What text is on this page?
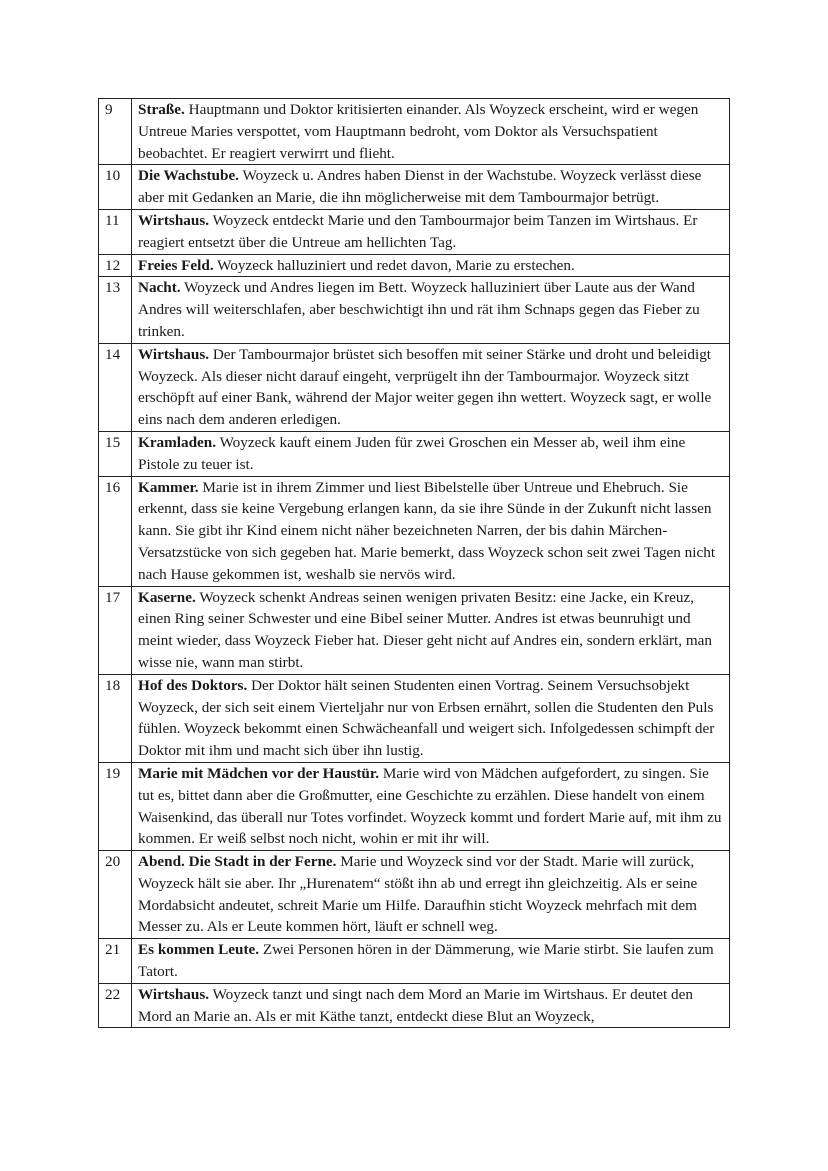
9	Straße. Hauptmann und Doktor kritisierten einander. Als Woyzeck erscheint, wird er wegen Untreue Maries verspottet, vom Hauptmann bedroht, vom Doktor als Versuchspatient beobachtet. Er reagiert verwirrt und flieht.
10	Die Wachstube. Woyzeck u. Andres haben Dienst in der Wachstube. Woyzeck verlässt diese aber mit Gedanken an Marie, die ihn möglicherweise mit dem Tambourmajor betrügt.
11	Wirtshaus. Woyzeck entdeckt Marie und den Tambourmajor beim Tanzen im Wirtshaus. Er reagiert entsetzt über die Untreue am hellichten Tag.
12	Freies Feld. Woyzeck halluziniert und redet davon, Marie zu erstechen.
13	Nacht. Woyzeck und Andres liegen im Bett. Woyzeck halluziniert über Laute aus der Wand Andres will weiterschlafen, aber beschwichtigt ihn und rät ihm Schnaps gegen das Fieber zu trinken.
14	Wirtshaus. Der Tambourmajor brüstet sich besoffen mit seiner Stärke und droht und beleidigt Woyzeck. Als dieser nicht darauf eingeht, verprügelt ihn der Tambourmajor. Woyzeck sitzt erschöpft auf einer Bank, während der Major weiter gegen ihn wettert. Woyzeck sagt, er wolle eins nach dem anderen erledigen.
15	Kramladen. Woyzeck kauft einem Juden für zwei Groschen ein Messer ab, weil ihm eine Pistole zu teuer ist.
16	Kammer. Marie ist in ihrem Zimmer und liest Bibelstelle über Untreue und Ehebruch. Sie erkennt, dass sie keine Vergebung erlangen kann, da sie ihre Sünde in der Zukunft nicht lassen kann. Sie gibt ihr Kind einem nicht näher bezeichneten Narren, der bis dahin Märchen-Versatzstücke von sich gegeben hat. Marie bemerkt, dass Woyzeck schon seit zwei Tagen nicht nach Hause gekommen ist, weshalb sie nervös wird.
17	Kaserne. Woyzeck schenkt Andreas seinen wenigen privaten Besitz: eine Jacke, ein Kreuz, einen Ring seiner Schwester und eine Bibel seiner Mutter. Andres ist etwas beunruhigt und meint wieder, dass Woyzeck Fieber hat. Dieser geht nicht auf Andres ein, sondern erklärt, man wisse nie, wann man stirbt.
18	Hof des Doktors. Der Doktor hält seinen Studenten einen Vortrag. Seinem Versuchsobjekt Woyzeck, der sich seit einem Vierteljahr nur von Erbsen ernährt, sollen die Studenten den Puls fühlen. Woyzeck bekommt einen Schwächeanfall und weigert sich. Infolgedessen schimpft der Doktor mit ihm und macht sich über ihn lustig.
19	Marie mit Mädchen vor der Haustür. Marie wird von Mädchen aufgefordert, zu singen. Sie tut es, bittet dann aber die Großmutter, eine Geschichte zu erzählen. Diese handelt von einem Waisenkind, das überall nur Totes vorfindet. Woyzeck kommt und fordert Marie auf, mit ihm zu kommen. Er weiß selbst noch nicht, wohin er mit ihr will.
20	Abend. Die Stadt in der Ferne. Marie und Woyzeck sind vor der Stadt. Marie will zurück, Woyzeck hält sie aber. Ihr „Hurenatem“ stößt ihn ab und erregt ihn gleichzeitig. Als er seine Mordabsicht andeutet, schreit Marie um Hilfe. Daraufhin sticht Woyzeck mehrfach mit dem Messer zu. Als er Leute kommen hört, läuft er schnell weg.
21	Es kommen Leute. Zwei Personen hören in der Dämmerung, wie Marie stirbt. Sie laufen zum Tatort.
22	Wirtshaus. Woyzeck tanzt und singt nach dem Mord an Marie im Wirtshaus. Er deutet den Mord an Marie an. Als er mit Käthe tanzt, entdeckt diese Blut an Woyzeck,
